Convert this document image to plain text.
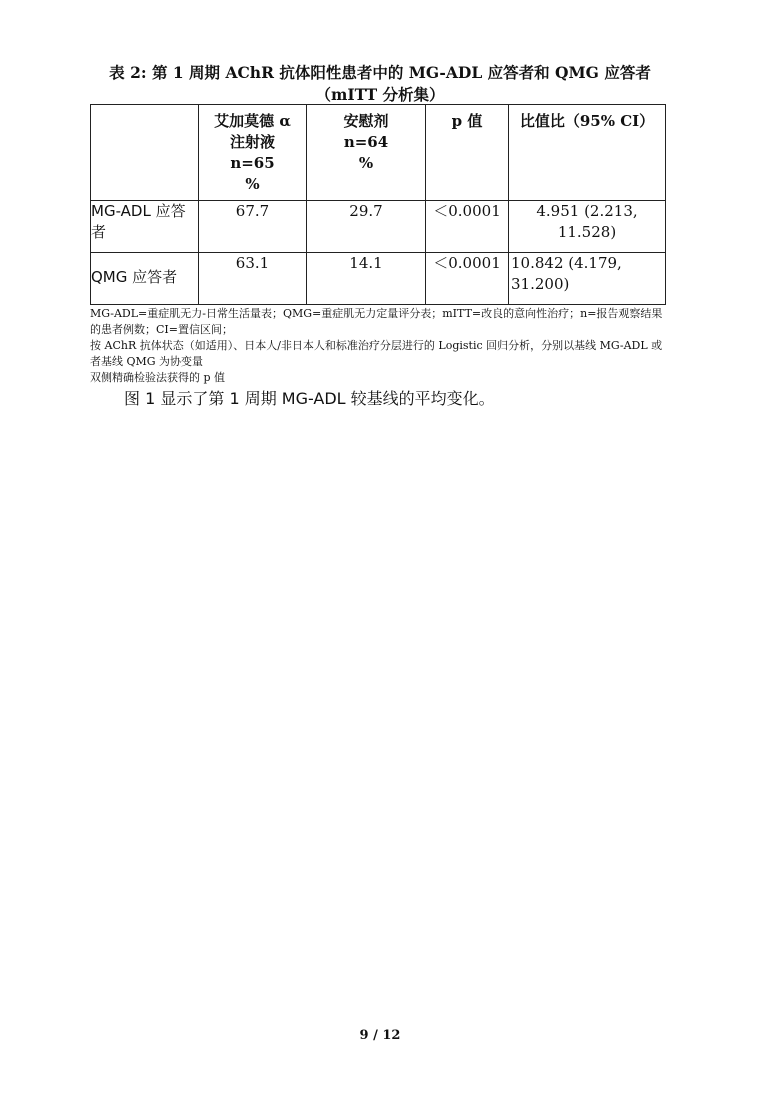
表 2: 第 1 周期 AChR 抗体阳性患者中的 MG-ADL 应答者和 QMG 应答者
（mITT 分析集）

	艾加莫德 α
注射液
n=65
%	安慰剂
n=64
%	p 值	比值比（95% CI）

MG-ADL 应答者	67.7	29.7	＜0.0001	4.951 (2.213, 11.528)
QMG 应答者	63.1	14.1	＜0.0001	10.842 (4.179, 31.200)
MG-ADL=重症肌无力-日常生活量表；QMG=重症肌无力定量评分表；mITT=改良的意向性治疗；n=报告观察结果的患者例数；CI=置信区间；
按 AChR 抗体状态（如适用）、日本人/非日本人和标准治疗分层进行的 Logistic 回归分析，分别以基线 MG-ADL 或者基线 QMG 为协变量
双侧精确检验法获得的 p 值
图 1 显示了第 1 周期 MG-ADL 较基线的平均变化。
9 / 12
